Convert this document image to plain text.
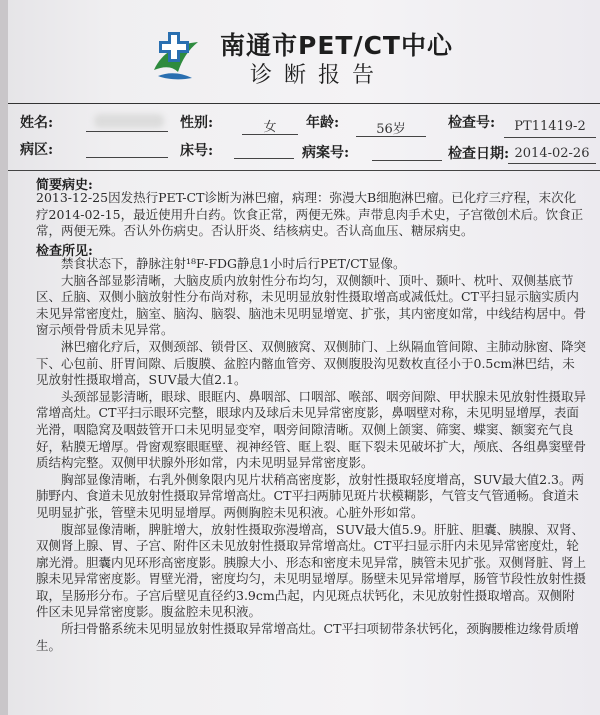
南通市PET/CT中心
诊断报告
姓名:	性别:	女	年龄:	56岁	检查号:	PT11419-2
病区:	床号:	病案号:	检查日期: 2014-02-26
简要病史:

2013-12-25因发热行PET-CT诊断为淋巴瘤，病理：弥漫大B细胞淋巴瘤。已化疗三疗程，末次化疗2014-02-15，最近使用升白药。饮食正常，两便无殊。声带息肉手术史，子宫徵创术后。饮食正常，两便无殊。否认外伤病史。否认肝炎、结核病史。否认高血压、糖尿病史。

检查所见:

禁食状态下，静脉注射¹⁸F-FDG静息1小时后行PET/CT显像。

大脑各部显影清晰，大脑皮质内放射性分布均匀，双侧额叶、顶叶、颞叶、枕叶、双侧基底节区、丘脑、双侧小脑放射性分布尚对称，未见明显放射性摄取增高或减低灶。CT平扫显示脑实质内未见异常密度灶，脑室、脑沟、脑裂、脑池未见明显增宽、扩张，其内密度如常，中线结构居中。骨窗示颅骨骨质未见异常。

淋巴瘤化疗后，双侧颈部、锁骨区、双侧腋窝、双侧肺门、上纵隔血管间隙、主肺动脉窗、降突下、心包前、肝胃间隙、后腹膜、盆腔内髂血管旁、双侧腹股沟见数枚直径小于0.5cm淋巴结，未见放射性摄取增高，SUV最大值2.1。

头颈部显影清晰，眼球、眼眶内、鼻咽部、口咽部、喉部、咽旁间隙、甲状腺未见放射性摄取异常增高灶。CT平扫示眼环完整，眼球内及球后未见异常密度影，鼻咽壁对称，未见明显增厚，表面光滑，咽隐窝及咽鼓管开口未见明显变窄，咽旁间隙清晰。双侧上颌窦、筛窦、蝶窦、额窦充气良好，粘膜无增厚。骨窗观察眼眶壁、视神经管、眶上裂、眶下裂未见破坏扩大，颅底、各组鼻窦壁骨质结构完整。双侧甲状腺外形如常，内未见明显异常密度影。

胸部显像清晰，右乳外侧象限内见片状稍高密度影，放射性摄取轻度增高，SUV最大值2.3。两肺野内、食道未见放射性摄取异常增高灶。CT平扫两肺见斑片状模糊影，气管支气管通畅。食道未见明显扩张，管壁未见明显增厚。两侧胸腔未见积液。心脏外形如常。

腹部显像清晰，脾脏增大，放射性摄取弥漫增高，SUV最大值5.9。肝脏、胆囊、胰腺、双肾、双侧肾上腺、胃、子宫、附件区未见放射性摄取异常增高灶。CT平扫显示肝内未见异常密度灶，轮廓光滑。胆囊内见环形高密度影。胰腺大小、形态和密度未见异常，胰管未见扩张。双侧肾脏、肾上腺未见异常密度影。胃壁光滑，密度均匀，未见明显增厚。肠壁未见异常增厚，肠管节段性放射性摄取，呈肠形分布。子宫后壁见直径约3.9cm凸起，内见斑点状钙化，未见放射性摄取增高。双侧附件区未见异常密度影。腹盆腔未见积液。

所扫骨骼系统未见明显放射性摄取异常增高灶。CT平扫项韧带条状钙化，颈胸腰椎边缘骨质增生。
